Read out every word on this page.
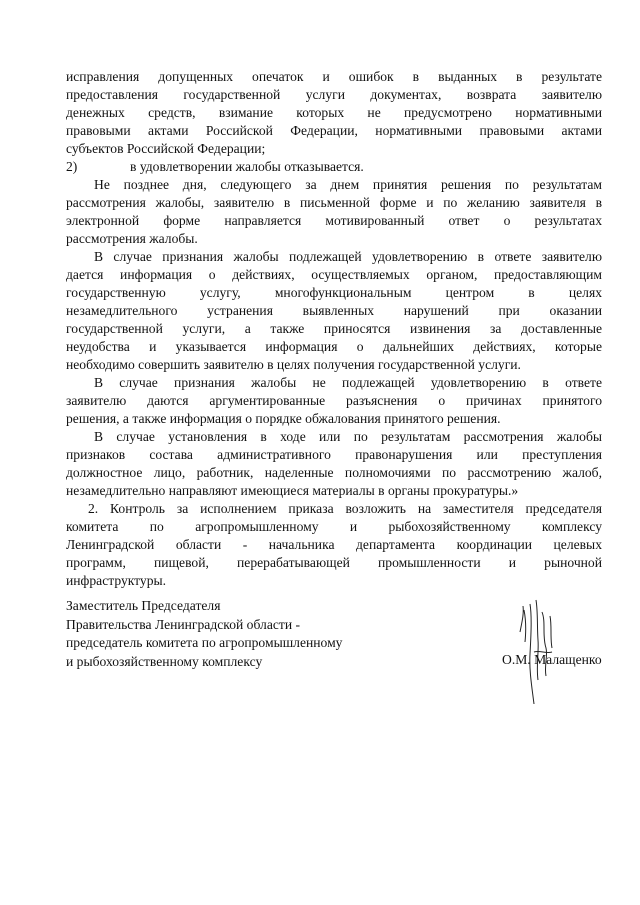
исправления допущенных опечаток и ошибок в выданных в результате
предоставления государственной услуги документах, возврата заявителю
денежных средств, взимание которых не предусмотрено нормативными
правовыми актами Российской Федерации, нормативными правовыми актами
субъектов Российской Федерации;
2)	в удовлетворении жалобы отказывается.
Не позднее дня, следующего за днем принятия решения по результатам
рассмотрения жалобы, заявителю в письменной форме и по желанию заявителя в
электронной форме направляется мотивированный ответ о результатах
рассмотрения жалобы.
В случае признания жалобы подлежащей удовлетворению в ответе заявителю
дается информация о действиях, осуществляемых органом, предоставляющим
государственную услугу, многофункциональным центром в целях
незамедлительного устранения выявленных нарушений при оказании
государственной услуги, а также приносятся извинения за доставленные
неудобства и указывается информация о дальнейших действиях, которые
необходимо совершить заявителю в целях получения государственной услуги.
В случае признания жалобы не подлежащей удовлетворению в ответе
заявителю даются аргументированные разъяснения о причинах принятого
решения, а также информация о порядке обжалования принятого решения.
В случае установления в ходе или по результатам рассмотрения жалобы
признаков состава административного правонарушения или преступления
должностное лицо, работник, наделенные полномочиями по рассмотрению жалоб,
незамедлительно направляют имеющиеся материалы в органы прокуратуры.»
2. Контроль за исполнением приказа возложить на заместителя председателя
комитета по агропромышленному и рыбохозяйственному комплексу
Ленинградской области - начальника департамента координации целевых
программ, пищевой, перерабатывающей промышленности и рыночной
инфраструктуры.
Заместитель Председателя
Правительства Ленинградской области -
председатель комитета по агропромышленному
и рыбохозяйственному комплексу	О.М. Малащенко
